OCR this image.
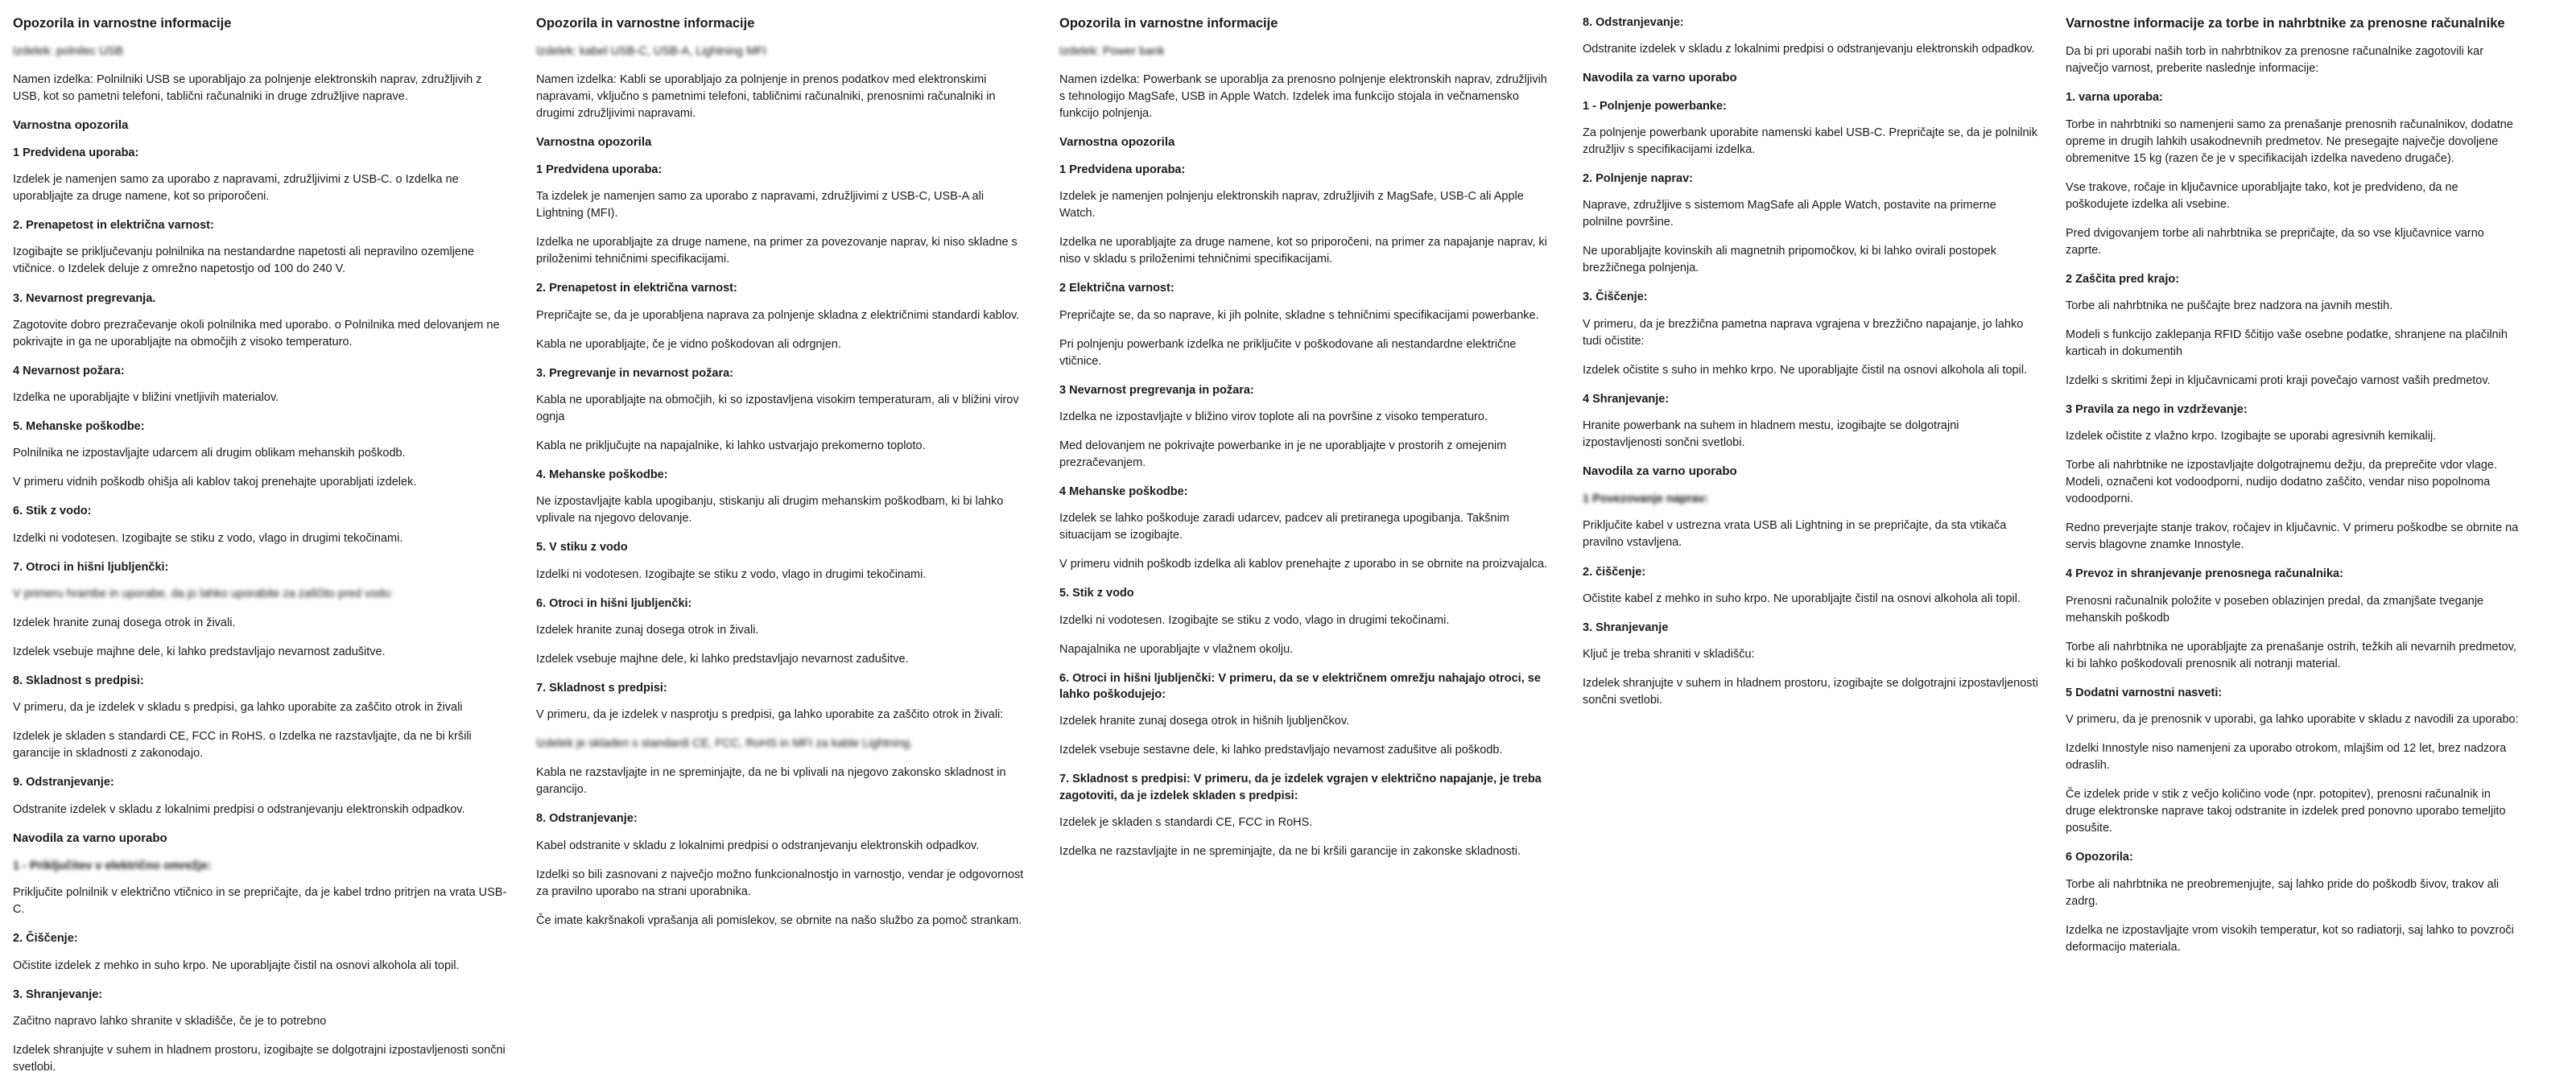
Opozorila in varnostne informacije
Izdelek: polnilec USB

Namen izdelka: Polnilniki USB se uporabljajo za polnjenje elektronskih naprav, združljivih z USB, kot so pametni telefoni, tablični računalniki in druge združljive naprave.

Varnostna opozorila
1 Predvidena uporaba:

Izdelek je namenjen samo za uporabo z napravami, združljivimi z USB-C. o Izdelka ne uporabljajte za druge namene, kot so priporočeni.

2. Prenapetost in električna varnost:

Izogibajte se priključevanju polnilnika na nestandardne napetosti ali nepravilno ozemljene vtičnice. o Izdelek deluje z omrežno napetostjo od 100 do 240 V.

3. Nevarnost pregrevanja.

Zagotovite dobro prezračevanje okoli polnilnika med uporabo. o Polnilnika med delovanjem ne pokrivajte in ga ne uporabljajte na območjih z visoko temperaturo.

4 Nevarnost požara:

Izdelka ne uporabljajte v bližini vnetljivih materialov.

5. Mehanske poškodbe:

Polnilnika ne izpostavljajte udarcem ali drugim oblikam mehanskih poškodb.

V primeru vidnih poškodb ohišja ali kablov takoj prenehajte uporabljati izdelek.

6. Stik z vodo:

Izdelki ni vodotesen. Izogibajte se stiku z vodo, vlago in drugimi tekočinami.

7. Otroci in hišni ljubljenčki:

V primeru hrambe in uporabe, da jo lahko uporabite za zaščito pred vodo:

Izdelek hranite zunaj dosega otrok in živali.

Izdelek vsebuje majhne dele, ki lahko predstavljajo nevarnost zadušitve.

8. Skladnost s predpisi:

V primeru, da je izdelek v skladu s predpisi, ga lahko uporabite za zaščito otrok in živali

Izdelek je skladen s standardi CE, FCC in RoHS. o Izdelka ne razstavljajte, da ne bi kršili garancije in skladnosti z zakonodajo.

9. Odstranjevanje:

Odstranite izdelek v skladu z lokalnimi predpisi o odstranjevanju elektronskih odpadkov.

Navodila za varno uporabo
1 - Priključitev v električno omrežje:

Priključite polnilnik v električno vtičnico in se prepričajte, da je kabel trdno pritrjen na vrata USB-C.

2. Čiščenje:

Očistite izdelek z mehko in suho krpo. Ne uporabljajte čistil na osnovi alkohola ali topil.

3. Shranjevanje:

Začitno napravo lahko shranite v skladišče, če je to potrebno

Izdelek shranjujte v suhem in hladnem prostoru, izogibajte se dolgotrajni izpostavljenosti sončni svetlobi.

Opozorila in varnostne informacije
Izdelek: kabel USB-C, USB-A, Lightning MFI

Namen izdelka: Kabli se uporabljajo za polnjenje in prenos podatkov med elektronskimi napravami, vključno s pametnimi telefoni, tabličnimi računalniki, prenosnimi računalniki in drugimi združljivimi napravami.

Varnostna opozorila
1 Predvidena uporaba:

Ta izdelek je namenjen samo za uporabo z napravami, združljivimi z USB-C, USB-A ali Lightning (MFI).

Izdelka ne uporabljajte za druge namene, na primer za povezovanje naprav, ki niso skladne s priloženimi tehničnimi specifikacijami.

2. Prenapetost in električna varnost:

Prepričajte se, da je uporabljena naprava za polnjenje skladna z električnimi standardi kablov.

Kabla ne uporabljajte, če je vidno poškodovan ali odrgnjen.

3. Pregrevanje in nevarnost požara:

Kabla ne uporabljajte na območjih, ki so izpostavljena visokim temperaturam, ali v bližini virov ognja

Kabla ne priključujte na napajalnike, ki lahko ustvarjajo prekomerno toploto.

4. Mehanske poškodbe:

Ne izpostavljajte kabla upogibanju, stiskanju ali drugim mehanskim poškodbam, ki bi lahko vplivale na njegovo delovanje.

5. V stiku z vodo

Izdelki ni vodotesen. Izogibajte se stiku z vodo, vlago in drugimi tekočinami.

6. Otroci in hišni ljubljenčki:

Izdelek hranite zunaj dosega otrok in živali.

Izdelek vsebuje majhne dele, ki lahko predstavljajo nevarnost zadušitve.

7. Skladnost s predpisi:

V primeru, da je izdelek v nasprotju s predpisi, ga lahko uporabite za zaščito otrok in živali:

Izdelek je skladen s standardi CE, FCC, RoHS in MFI za kable Lightning.

Kabla ne razstavljajte in ne spreminjajte, da ne bi vplivali na njegovo zakonsko skladnost in garancijo.

8. Odstranjevanje:

Kabel odstranite v skladu z lokalnimi predpisi o odstranjevanju elektronskih odpadkov.

Izdelki so bili zasnovani z največjo možno funkcionalnostjo in varnostjo, vendar je odgovornost za pravilno uporabo na strani uporabnika.

Če imate kakršnakoli vprašanja ali pomislekov, se obrnite na našo službo za pomoč strankam.

Opozorila in varnostne informacije
Izdelek: Power bank

Namen izdelka: Powerbank se uporablja za prenosno polnjenje elektronskih naprav, združljivih s tehnologijo MagSafe, USB in Apple Watch. Izdelek ima funkcijo stojala in večnamensko funkcijo polnjenja.

Varnostna opozorila
1 Predvidena uporaba:

Izdelek je namenjen polnjenju elektronskih naprav, združljivih z MagSafe, USB-C ali Apple Watch.

Izdelka ne uporabljajte za druge namene, kot so priporočeni, na primer za napajanje naprav, ki niso v skladu s priloženimi tehničnimi specifikacijami.

2 Električna varnost:

Prepričajte se, da so naprave, ki jih polnite, skladne s tehničnimi specifikacijami powerbanke.

Pri polnjenju powerbank izdelka ne priključite v poškodovane ali nestandardne električne vtičnice.

3 Nevarnost pregrevanja in požara:

Izdelka ne izpostavljajte v bližino virov toplote ali na površine z visoko temperaturo.

Med delovanjem ne pokrivajte powerbanke in je ne uporabljajte v prostorih z omejenim prezračevanjem.

4 Mehanske poškodbe:

Izdelek se lahko poškoduje zaradi udarcev, padcev ali pretiranega upogibanja. Takšnim situacijam se izogibajte.

V primeru vidnih poškodb izdelka ali kablov prenehajte z uporabo in se obrnite na proizvajalca.

5. Stik z vodo

Izdelki ni vodotesen. Izogibajte se stiku z vodo, vlago in drugimi tekočinami.

Napajalnika ne uporabljajte v vlažnem okolju.

6. Otroci in hišni ljubljenčki: V primeru, da se v električnem omrežju nahajajo otroci, se lahko poškodujejo:

Izdelek hranite zunaj dosega otrok in hišnih ljubljenčkov.

Izdelek vsebuje sestavne dele, ki lahko predstavljajo nevarnost zadušitve ali poškodb.

7. Skladnost s predpisi: V primeru, da je izdelek vgrajen v električno napajanje, je treba zagotoviti, da je izdelek skladen s predpisi:

Izdelek je skladen s standardi CE, FCC in RoHS.

Izdelka ne razstavljajte in ne spreminjajte, da ne bi kršili garancije in zakonske skladnosti.

8. Odstranjevanje:

Odstranite izdelek v skladu z lokalnimi predpisi o odstranjevanju elektronskih odpadkov.

Navodila za varno uporabo
1 - Polnjenje powerbanke:

Za polnjenje powerbank uporabite namenski kabel USB-C. Prepričajte se, da je polnilnik združljiv s specifikacijami izdelka.

2. Polnjenje naprav:

Naprave, združljive s sistemom MagSafe ali Apple Watch, postavite na primerne polnilne površine.

Ne uporabljajte kovinskih ali magnetnih pripomočkov, ki bi lahko ovirali postopek brezžičnega polnjenja.

3. Čiščenje:

V primeru, da je brezžična pametna naprava vgrajena v brezžično napajanje, jo lahko tudi očistite:

Izdelek očistite s suho in mehko krpo. Ne uporabljajte čistil na osnovi alkohola ali topil.

4 Shranjevanje:

Hranite powerbank na suhem in hladnem mestu, izogibajte se dolgotrajni izpostavljenosti sončni svetlobi.

Navodila za varno uporabo
1 Povezovanje naprav:

Priključite kabel v ustrezna vrata USB ali Lightning in se prepričajte, da sta vtikača pravilno vstavljena.

2. čiščenje:

Očistite kabel z mehko in suho krpo. Ne uporabljajte čistil na osnovi alkohola ali topil.

3. Shranjevanje

Ključ je treba shraniti v skladišču:

Izdelek shranjujte v suhem in hladnem prostoru, izogibajte se dolgotrajni izpostavljenosti sončni svetlobi.

Varnostne informacije za torbe in nahrbtnike za prenosne računalnike

Da bi pri uporabi naših torb in nahrbtnikov za prenosne računalnike zagotovili kar največjo varnost, preberite naslednje informacije:

1. varna uporaba:

Torbe in nahrbtniki so namenjeni samo za prenašanje prenosnih računalnikov, dodatne opreme in drugih lahkih usakodnevnih predmetov. Ne presegajte največje dovoljene obremenitve 15 kg (razen če je v specifikacijah izdelka navedeno drugače).

Vse trakove, ročaje in ključavnice uporabljajte tako, kot je predvideno, da ne poškodujete izdelka ali vsebine.

Pred dvigovanjem torbe ali nahrbtnika se prepričajte, da so vse ključavnice varno zaprte.

2 Zaščita pred krajo:

Torbe ali nahrbtnika ne puščajte brez nadzora na javnih mestih.

Modeli s funkcijo zaklepanja RFID ščitijo vaše osebne podatke, shranjene na plačilnih karticah in dokumentih

Izdelki s skritimi žepi in ključavnicami proti kraji povečajo varnost vaših predmetov.

3 Pravila za nego in vzdrževanje:

Izdelek očistite z vlažno krpo. Izogibajte se uporabi agresivnih kemikalij.

Torbe ali nahrbtnike ne izpostavljajte dolgotrajnemu dežju, da preprečite vdor vlage. Modeli, označeni kot vodoodporni, nudijo dodatno zaščito, vendar niso popolnoma vodoodporni.

Redno preverjajte stanje trakov, ročajev in ključavnic. V primeru poškodbe se obrnite na servis blagovne znamke Innostyle.

4 Prevoz in shranjevanje prenosnega računalnika:

Prenosni računalnik položite v poseben oblazinjen predal, da zmanjšate tveganje mehanskih poškodb

Torbe ali nahrbtnika ne uporabljajte za prenašanje ostrih, težkih ali nevarnih predmetov, ki bi lahko poškodovali prenosnik ali notranji material.

5 Dodatni varnostni nasveti:

V primeru, da je prenosnik v uporabi, ga lahko uporabite v skladu z navodili za uporabo:

Izdelki Innostyle niso namenjeni za uporabo otrokom, mlajšim od 12 let, brez nadzora odraslih.

Če izdelek pride v stik z večjo količino vode (npr. potopitev), prenosni računalnik in druge elektronske naprave takoj odstranite in izdelek pred ponovno uporabo temeljito posušite.

6 Opozorila:

Torbe ali nahrbtnika ne preobremenjujte, saj lahko pride do poškodb šivov, trakov ali zadrg.

Izdelka ne izpostavljajte vrom visokih temperatur, kot so radiatorji, saj lahko to povzroči deformacijo materiala.
